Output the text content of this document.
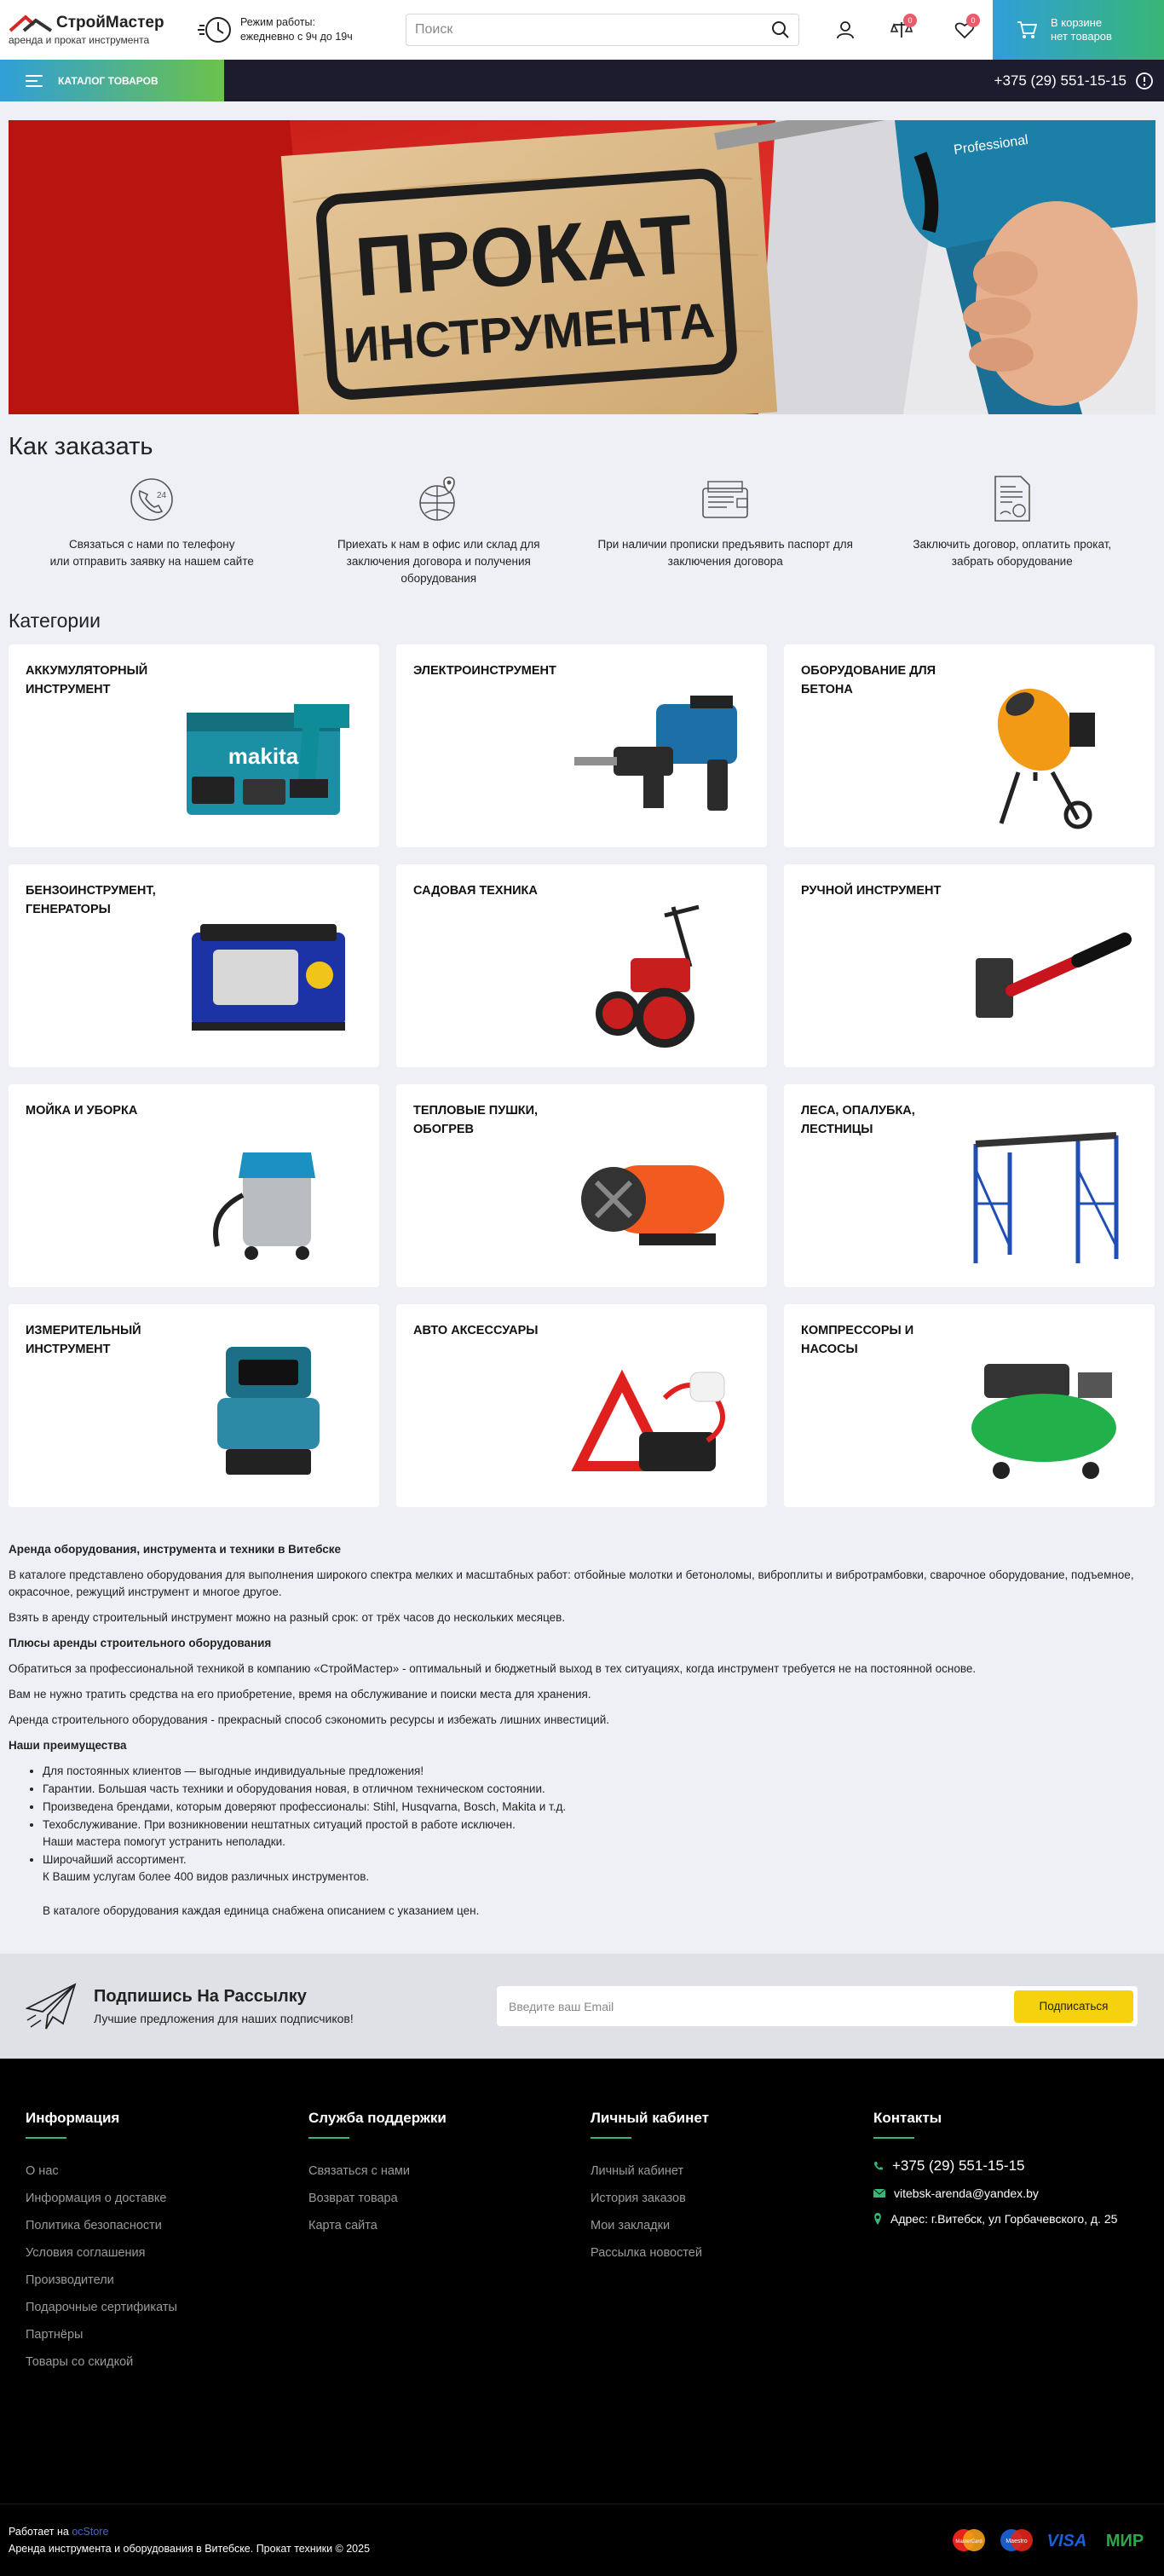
СтройМастер
аренда и прокат инструмента
Режим работы:
ежедневно с 9ч до 19ч
Поиск
0	0	В корзине
нет товаров
КАТАЛОГ ТОВАРОВ	+375 (29) 551-15-15
ПРОКАТ
ИНСТРУМЕНТА
Professional
Как заказать
24
Связаться с нами по телефону
или отправить заявку на нашем сайте
Приехать к нам в офис или склад для
заключения договора и получения
оборудования
При наличии прописки предъявить паспорт для
заключения договора
Заключить договор, оплатить прокат,
забрать оборудование
Категории
АККУМУЛЯТОРНЫЙ ИНСТРУМЕНТ
makita
ЭЛЕКТРОИНСТРУМЕНТ	ОБОРУДОВАНИЕ ДЛЯ БЕТОНА
БЕНЗОИНСТРУМЕНТ, ГЕНЕРАТОРЫ
САДОВАЯ ТЕХНИКА	РУЧНОЙ ИНСТРУМЕНТ
МОЙКА И УБОРКА	ТЕПЛОВЫЕ ПУШКИ, ОБОГРЕВ
ЛЕСА, ОПАЛУБКА, ЛЕСТНИЦЫ
ИЗМЕРИТЕЛЬНЫЙ ИНСТРУМЕНТ
АВТО АКСЕССУАРЫ	КОМПРЕССОРЫ И НАСОСЫ
Аренда оборудования, инструмента и техники в Витебске

В каталоге представлено оборудования для выполнения широкого спектра мелких и масштабных работ: отбойные молотки и бетоноломы, виброплиты и вибротрамбовки, сварочное оборудование, подъемное, окрасочное, режущий инструмент и многое другое.

Взять в аренду строительный инструмент можно на разный срок: от трёх часов до нескольких месяцев.

Плюсы аренды строительного оборудования

Обратиться за профессиональной техникой в компанию «СтройМастер» - оптимальный и бюджетный выход в тех ситуациях, когда инструмент требуется не на постоянной основе.

Вам не нужно тратить средства на его приобретение, время на обслуживание и поиски места для хранения.

Аренда строительного оборудования - прекрасный способ сэкономить ресурсы и избежать лишних инвестиций.

Наши преимущества
• Для постоянных клиентов — выгодные индивидуальные предложения!
• Гарантии. Большая часть техники и оборудования новая, в отличном техническом состоянии.
• Произведена брендами, которым доверяют профессионалы: Stihl, Husqvarna, Bosch, Makita и т.д.
• Техобслуживание. При возникновении нештатных ситуаций простой в работе исключен.
Наши мастера помогут устранить неполадки.
• Широчайший ассортимент.
К Вашим услугам более 400 видов различных инструментов.

В каталоге оборудования каждая единица снабжена описанием с указанием цен.
Подпишись На Рассылку
Лучшие предложения для наших подписчиков!
Введите ваш Email
Подписаться
Информация
О нас
Информация о доставке
Политика безопасности
Условия соглашения
Производители
Подарочные сертификаты
Партнёры
Товары со скидкой
Служба поддержки
Связаться с нами
Возврат товара
Карта сайта
Личный кабинет
Личный кабинет
История заказов
Мои закладки
Рассылка новостей
Контакты
+375 (29) 551-15-15
vitebsk-arenda@yandex.by
Адрес: г.Витебск, ул Горбачевского, д. 25
Работает на ocStore
Аренда инструмента и оборудования в Витебске. Прокат техники © 2025
MasterCard	Maestro VISA МИР
